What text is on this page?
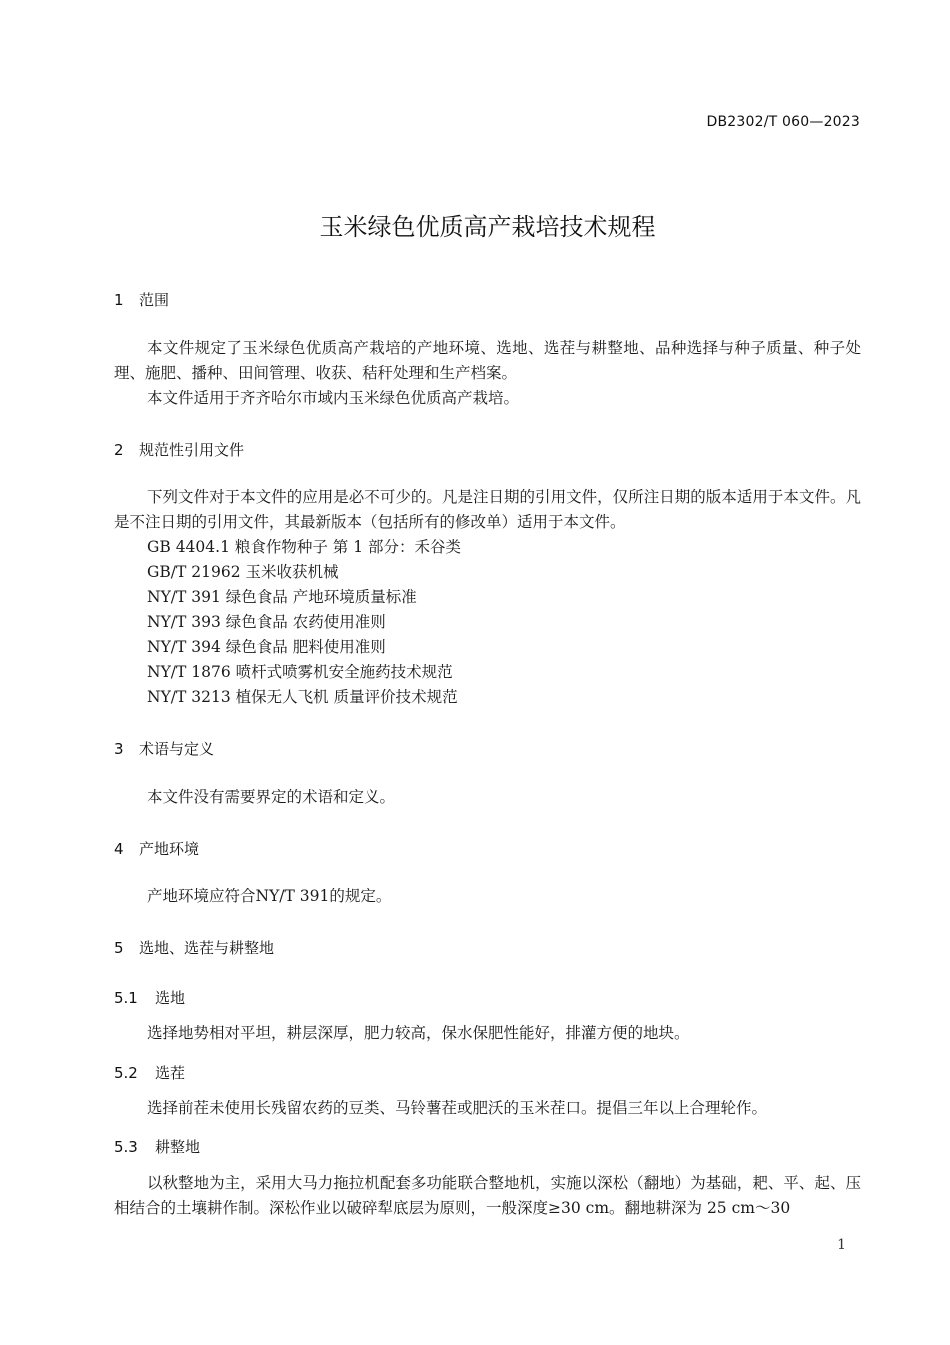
DB2302/T 060—2023
玉米绿色优质高产栽培技术规程
1 范围
本文件规定了玉米绿色优质高产栽培的产地环境、选地、选茬与耕整地、品种选择与种子质量、种子处理、施肥、播种、田间管理、收获、秸秆处理和生产档案。
本文件适用于齐齐哈尔市域内玉米绿色优质高产栽培。
2 规范性引用文件
下列文件对于本文件的应用是必不可少的。凡是注日期的引用文件，仅所注日期的版本适用于本文件。凡是不注日期的引用文件，其最新版本（包括所有的修改单）适用于本文件。
GB 4404.1 粮食作物种子 第 1 部分：禾谷类
GB/T 21962 玉米收获机械
NY/T 391 绿色食品 产地环境质量标准
NY/T 393 绿色食品 农药使用准则
NY/T 394 绿色食品 肥料使用准则
NY/T 1876 喷杆式喷雾机安全施药技术规范
NY/T 3213 植保无人飞机 质量评价技术规范
3 术语与定义
本文件没有需要界定的术语和定义。
4 产地环境
产地环境应符合NY/T 391的规定。
5 选地、选茬与耕整地
5.1 选地
选择地势相对平坦，耕层深厚，肥力较高，保水保肥性能好，排灌方便的地块。
5.2 选茬
选择前茬未使用长残留农药的豆类、马铃薯茬或肥沃的玉米茬口。提倡三年以上合理轮作。
5.3 耕整地
以秋整地为主，采用大马力拖拉机配套多功能联合整地机，实施以深松（翻地）为基础，耙、平、起、压相结合的土壤耕作制。深松作业以破碎犁底层为原则，一般深度≥30 cm。翻地耕深为 25 cm～30
1
